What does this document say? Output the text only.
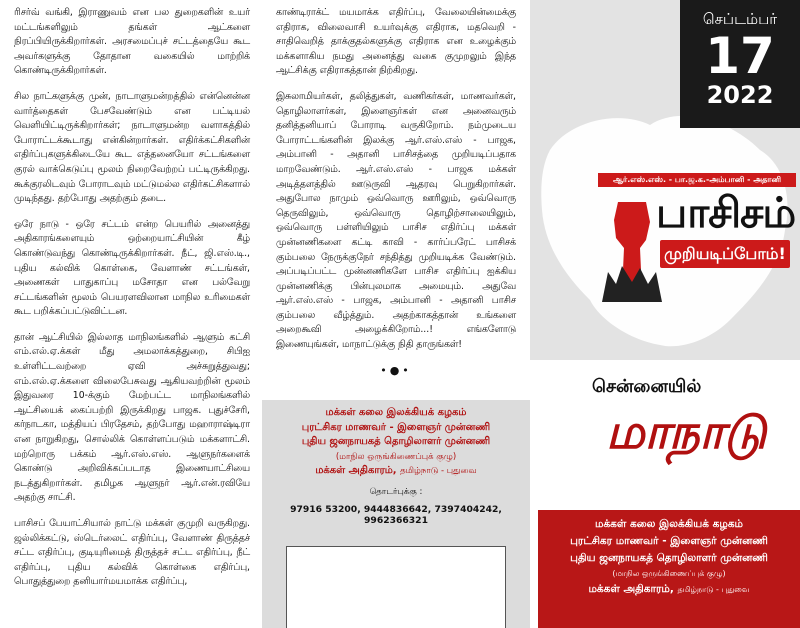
ரிசர்வ் வங்கி, இராணுவம் என பல துறைகளின் உயர் மட்டங்களிலும் தங்கள் ஆட்களை நிரப்பியிருக்கிறார்கள். அரசமைப்புச் சட்டத்தையே கூட அவர்களுக்கு தோதான வகையில் மாற்றிக் கொண்டிருக்கிறார்கள்.

சில நாட்களுக்கு முன், நாடாளுமன்றத்தில் என்னென்ன வார்த்தைகள் பேசவேண்டும் என பட்டியல் வெளியிட்டிருக்கிறார்கள்; நாடாளுமன்ற வளாகத்தில் போராட்டக்கூடாது என்கின்றார்கள். எதிர்க்கட்சிகளின் எதிர்ப்புகளுக்கிடையே கூட எத்தனையோ சட்டங்களை குரல் வாக்கெடுப்பு மூலம் நிறைவேற்றப் பட்டிருக்கிறது. கூக்குரலிடவும் போராடவும் மட்டுமல்ல எதிர்கட்சிகளால் முடிந்தது. தற்போது அதற்கும் தடை.

ஒரே நாடு - ஒரே சட்டம் என்ற பெயரில் அனைத்து அதிகாரங்களையும் ஒற்றையாட்சியின் கீழ் கொண்டுவந்து கொண்டிருக்கிறார்கள். நீட், ஜி.எஸ்.டி., புதிய கல்விக் கொள்கை, வேளாண் சட்டங்கள், அணைகள் பாதுகாப்பு மசோதா என பல்வேறு சட்டங்களின் மூலம் பெயரளவிலான மாநில உரிமைகள் கூட பறிக்கப்பட்டுவிட்டன.

தான் ஆட்சியில் இல்லாத மாநிலங்களில் ஆளும் கட்சி எம்.எல்.ஏ.க்கள் மீது அமலாக்கத்துறை, சிபிஐ உள்ளிட்டவற்றை ஏவி அச்சுறுத்துவது; எம்.எல்.ஏ.க்களை விலைபேசுவது ஆகியவற்றின் மூலம் இதுவரை 10-க்கும் மேற்பட்ட மாநிலங்களில் ஆட்சியைக் கைப்பற்றி இருக்கிறது பாஜக. புதுச்சேரி, கர்நாடகா, மத்தியப் பிரதேசம், தற்போது மஹாராஷ்டிரா என நாறுகிறது, சொல்லிக் கொள்ளப்படும் மக்களாட்சி. மற்றொரு பக்கம் ஆர்.எஸ்.எஸ். ஆளுநர்களைக் கொண்டு அறிவிக்கப்படாத இணையாட்சியை நடத்துகிறார்கள். தமிழக ஆளுநர் ஆர்.என்.ரவியே அதற்கு சாட்சி.

பாசிசப் பேயாட்சியால் நாட்டு மக்கள் குமுறி வருகிறது. ஜல்லிக்கட்டு, ஸ்டெர்லைட் எதிர்ப்பு, வேளாண் திருத்தச் சட்ட எதிர்ப்பு, குடியுரிமைத் திருத்தச் சட்ட எதிர்ப்பு, நீட் எதிர்ப்பு, புதிய கல்விக் கொள்கை எதிர்ப்பு, பொதுத்துறை தனியார்மயமாக்க எதிர்ப்பு,

காண்டிராக்ட் மயமாக்க எதிர்ப்பு, வேலையின்மைக்கு எதிராக, விலைவாசி உயர்வுக்கு எதிராக, மதவெறி - சாதிவெறித் தாக்குதல்களுக்கு எதிராக என உழைக்கும் மக்களாகிய நமது அனைத்து வகை குமுறலும் இந்த ஆட்சிக்கு எதிராகத்தான் நிற்கிறது.

இசுலாமியர்கள், தலித்துகள், வணிகர்கள், மாணவர்கள், தொழிலாளர்கள், இளைஞர்கள் என அனைவரும் தனித்தனியாப் போராடி வருகிறோம். நம்முடைய போராட்டங்களின் இலக்கு ஆர்.எஸ்.எஸ் - பாஜக, அம்பானி - அதானி பாசிசத்தை முறியடிப்பதாக மாறவேண்டும். ஆர்.எஸ்.எஸ் - பாஜக மக்கள் அடித்தளத்தில் ஊடுருவி ஆதரவு பெறுகிறார்கள். அதுபோல நாமும் ஒவ்வொரு ஊரிலும், ஒவ்வொரு தெருவிலும், ஒவ்வொரு தொழிற்சாலையிலும், ஒவ்வொரு பள்ளியிலும் பாசிச எதிர்ப்பு மக்கள் முன்னணிகளை கட்டி காவி - கார்ப்பரேட் பாசிசக் கும்பலை நேருக்குநேர் சந்தித்து முறியடிக்க வேண்டும். அப்படிப்பட்ட முன்னணிகளே பாசிச எதிர்ப்பு ஐக்கிய முன்னணிக்கு பின்புலமாக அமையும். அதுவே ஆர்.எஸ்.எஸ் - பாஜக, அம்பானி - அதானி பாசிச கும்பலை வீழ்த்தும். அதற்காகத்தான் உங்களை அறைகூவி அழைக்கிறோம்...! எங்களோடு இணையுங்கள், மாநாட்டுக்கு நிதி தாருங்கள்!

•●•
மக்கள் கலை இலக்கியக் கழகம்
புரட்சிகர மாணவர் - இளைஞர் முன்னணி
புதிய ஜனநாயகத் தொழிலாளர் முன்னணி
(மாநில ஒருங்கிணைப்புக் குழு)
மக்கள் அதிகாரம், தமிழ்நாடு - புதுவை
தொடர்புக்கு :
97916 53200, 9444836642, 7397404242, 9962366321
செப்டம்பர்
17
2022
ஆர்.எஸ்.எஸ். - பா.ஜ.க.-அம்பானி - அதானி
பாசிசம்
முறியடிப்போம்!
சென்னையில்
மாநாடு
மக்கள் கலை இலக்கியக் கழகம்
புரட்சிகர மாணவர் - இளைஞர் முன்னணி
புதிய ஜனநாயகத் தொழிலாளர் முன்னணி
(மாநில ஒருங்கிணைப்புக் குழு)
மக்கள் அதிகாரம், தமிழ்நாடு - புதுவை
